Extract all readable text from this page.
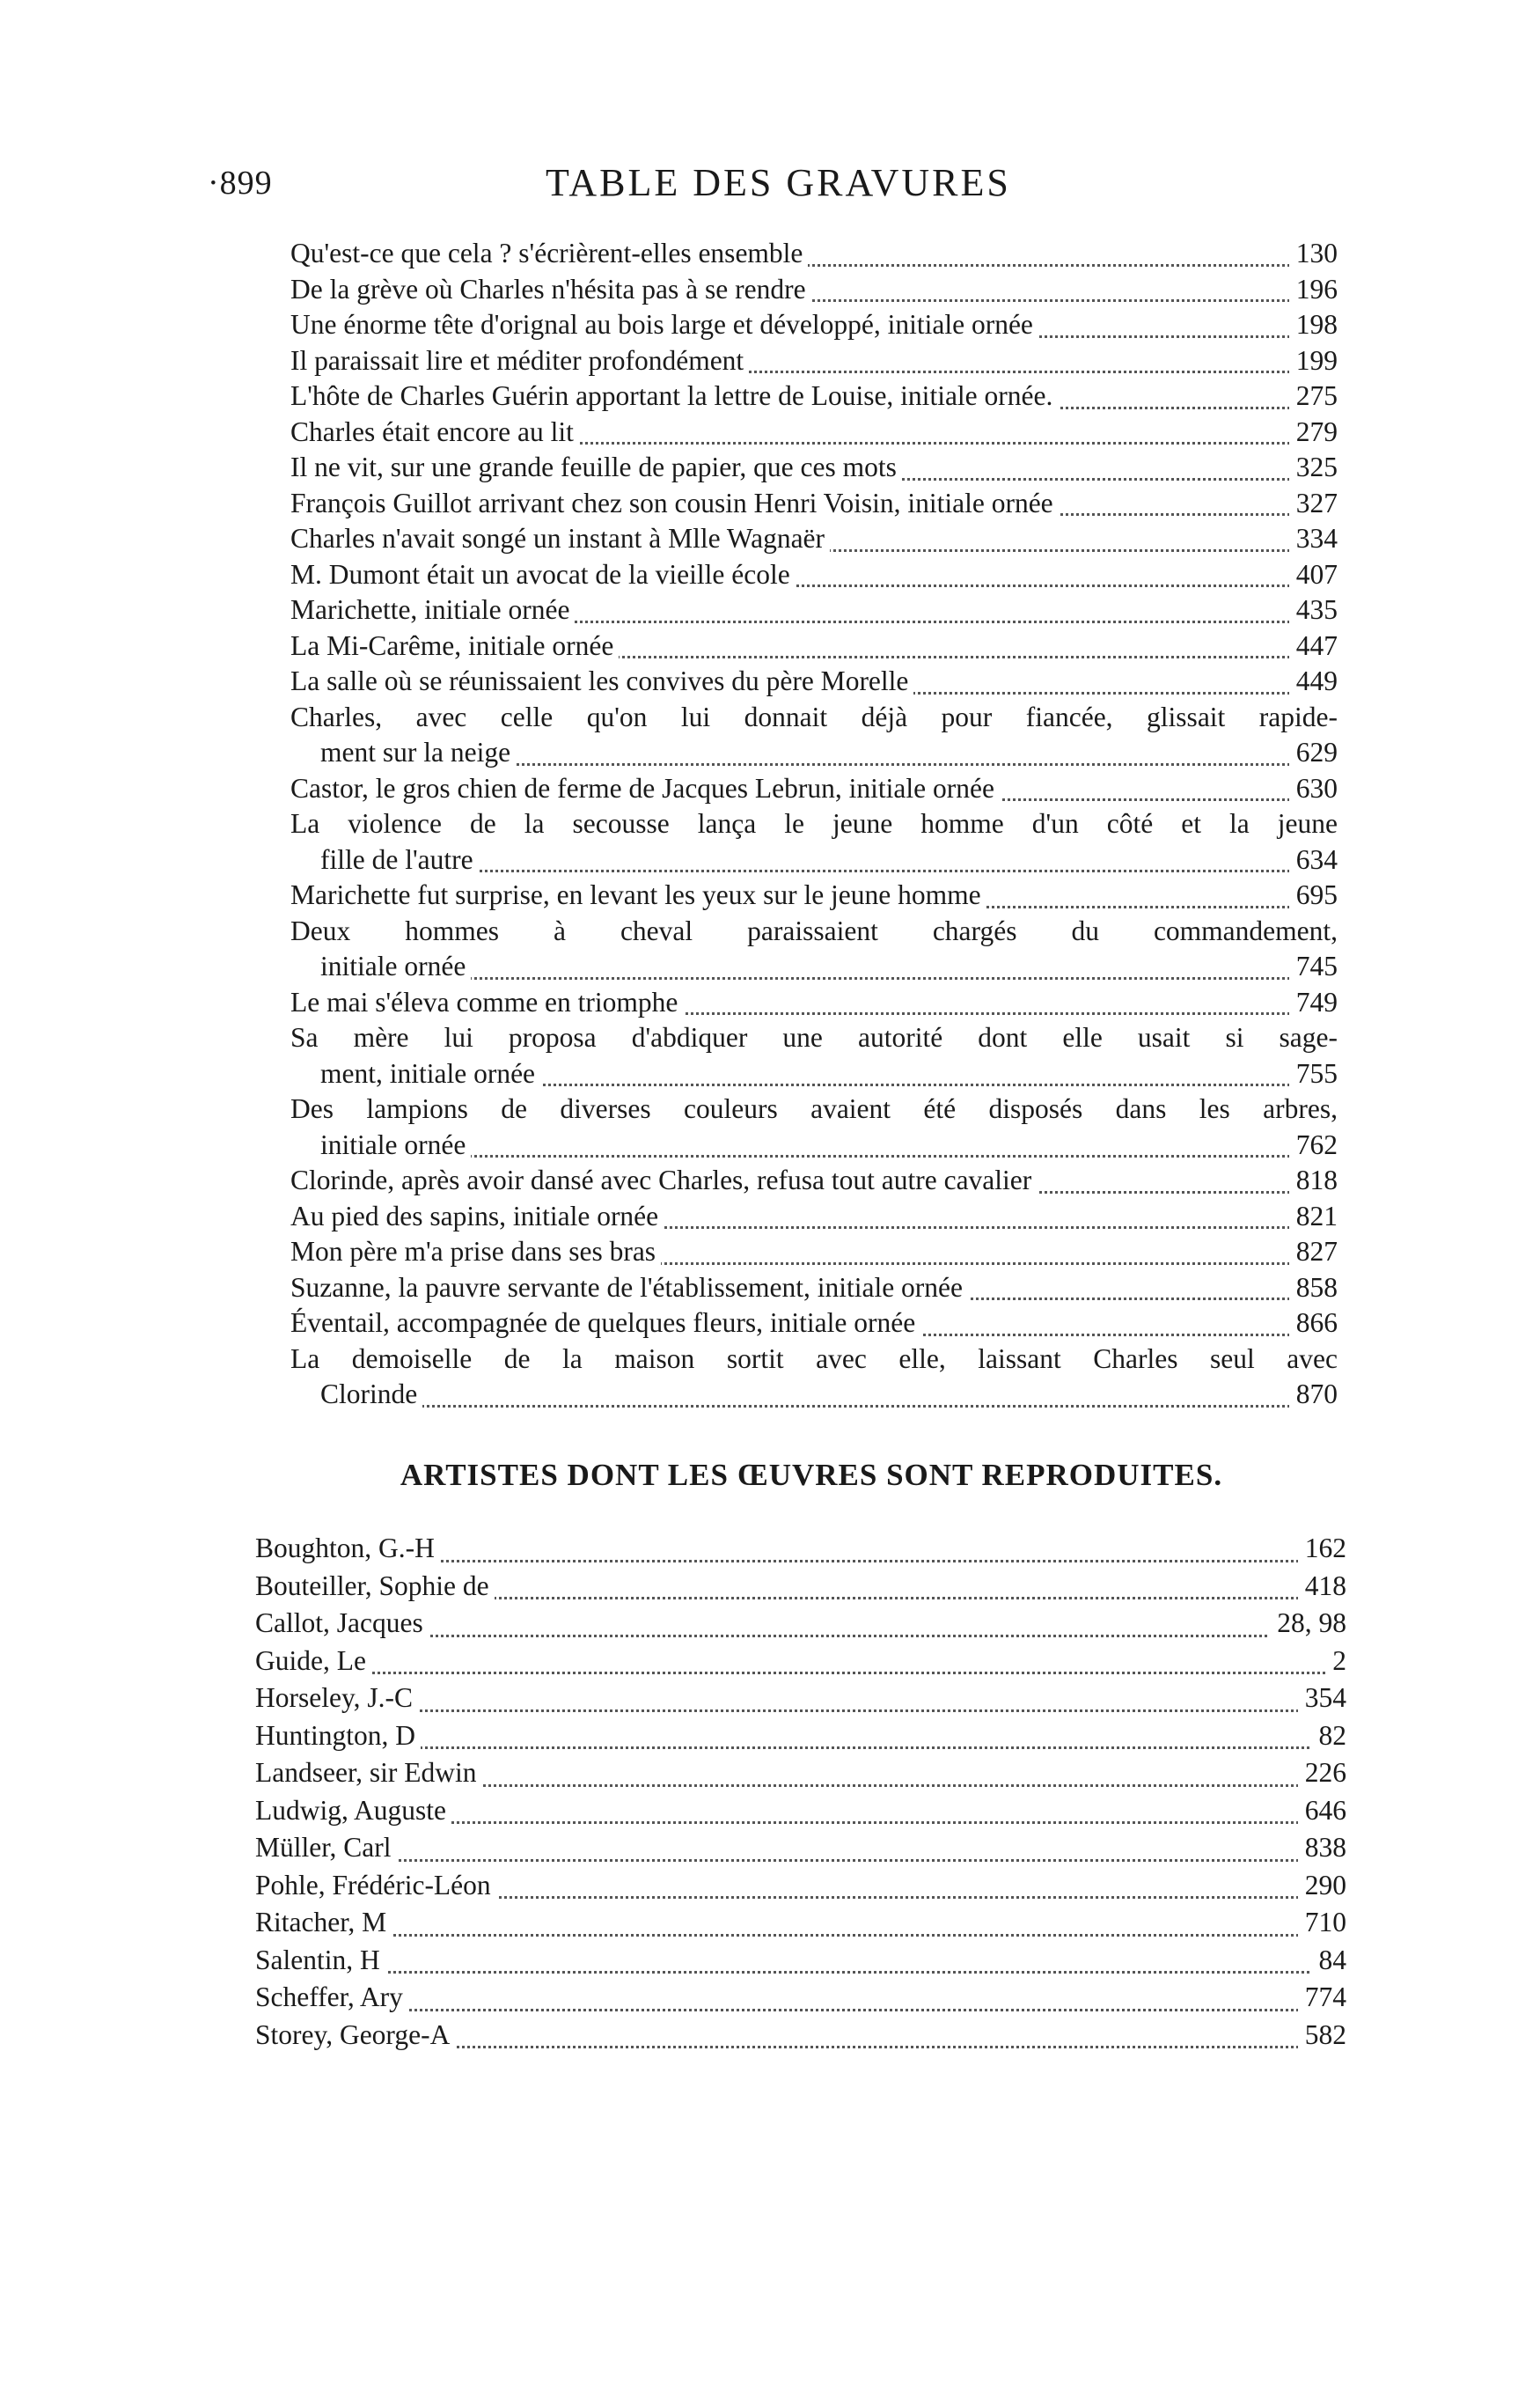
·899	TABLE DES GRAVURES
Qu'est-ce que cela ? s'écrièrent-elles ensemble	130
De la grève où Charles n'hésita pas à se rendre	196
Une énorme tête d'orignal au bois large et développé, initiale ornée	198
Il paraissait lire et méditer profondément	199
L'hôte de Charles Guérin apportant la lettre de Louise, initiale ornée.	275
Charles était encore au lit	279
Il ne vit, sur une grande feuille de papier, que ces mots	325
François Guillot arrivant chez son cousin Henri Voisin, initiale ornée	327
Charles n'avait songé un instant à Mlle Wagnaër	334
M. Dumont était un avocat de la vieille école	407
Marichette, initiale ornée	435
La Mi-Carême, initiale ornée	447
La salle où se réunissaient les convives du père Morelle	449
Charles, avec celle qu'on lui donnait déjà pour fiancée, glissait rapide-
ment sur la neige	629
Castor, le gros chien de ferme de Jacques Lebrun, initiale ornée	630
La violence de la secousse lança le jeune homme d'un côté et la jeune
fille de l'autre	634
Marichette fut surprise, en levant les yeux sur le jeune homme	695
Deux hommes à cheval paraissaient chargés du commandement,
initiale ornée	745
Le mai s'éleva comme en triomphe	749
Sa mère lui proposa d'abdiquer une autorité dont elle usait si sage-
ment, initiale ornée	755
Des lampions de diverses couleurs avaient été disposés dans les arbres,
initiale ornée	762
Clorinde, après avoir dansé avec Charles, refusa tout autre cavalier	818
Au pied des sapins, initiale ornée	821
Mon père m'a prise dans ses bras	827
Suzanne, la pauvre servante de l'établissement, initiale ornée	858
Éventail, accompagnée de quelques fleurs, initiale ornée	866
La demoiselle de la maison sortit avec elle, laissant Charles seul avec
Clorinde	870
ARTISTES DONT LES ŒUVRES SONT REPRODUITES.
Boughton, G.-H	162
Bouteiller, Sophie de	418
Callot, Jacques	28, 98
Guide, Le	2
Horseley, J.-C	354
Huntington, D	82
Landseer, sir Edwin	226
Ludwig, Auguste	646
Müller, Carl	838
Pohle, Frédéric-Léon	290
Ritacher, M	710
Salentin, H	84
Scheffer, Ary	774
Storey, George-A	582
